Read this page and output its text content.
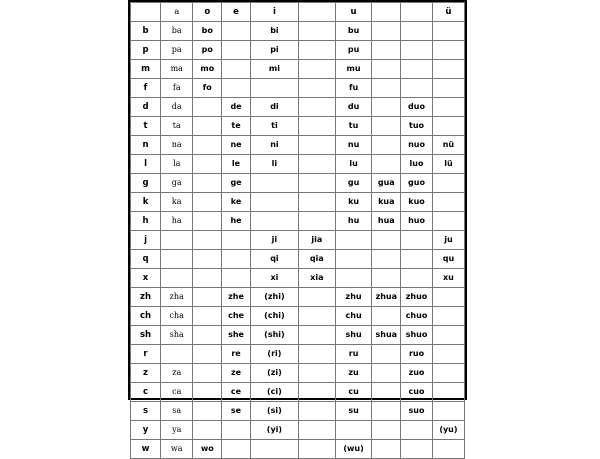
	a	o	e	i		u			ü
b	ba	bo		bi		bu			
p	pa	po		pi		pu			
m	ma	mo		mi		mu			
f	fa	fo				fu			
d	da		de	di		du		duo	
t	ta		te	ti		tu		tuo	
n	na		ne	ni		nu		nuo	nü
l	la		le	li		lu		luo	lü
g	ga		ge			gu	gua	guo	
k	ka		ke			ku	kua	kuo	
h	ha		he			hu	hua	huo	
j				ji	jia				ju
q				qi	qia				qu
x				xi	xia				xu
zh	zha		zhe	(zhi)		zhu	zhua	zhuo	
ch	cha		che	(chi)		chu		chuo	
sh	sha		she	(shi)		shu	shua	shuo	
r			re	(ri)		ru		ruo	
z	za		ze	(zi)		zu		zuo	
c	ca		ce	(ci)		cu		cuo	
s	sa		se	(si)		su		suo	
y	ya			(yi)					(yu)
w	wa	wo				(wu)			
